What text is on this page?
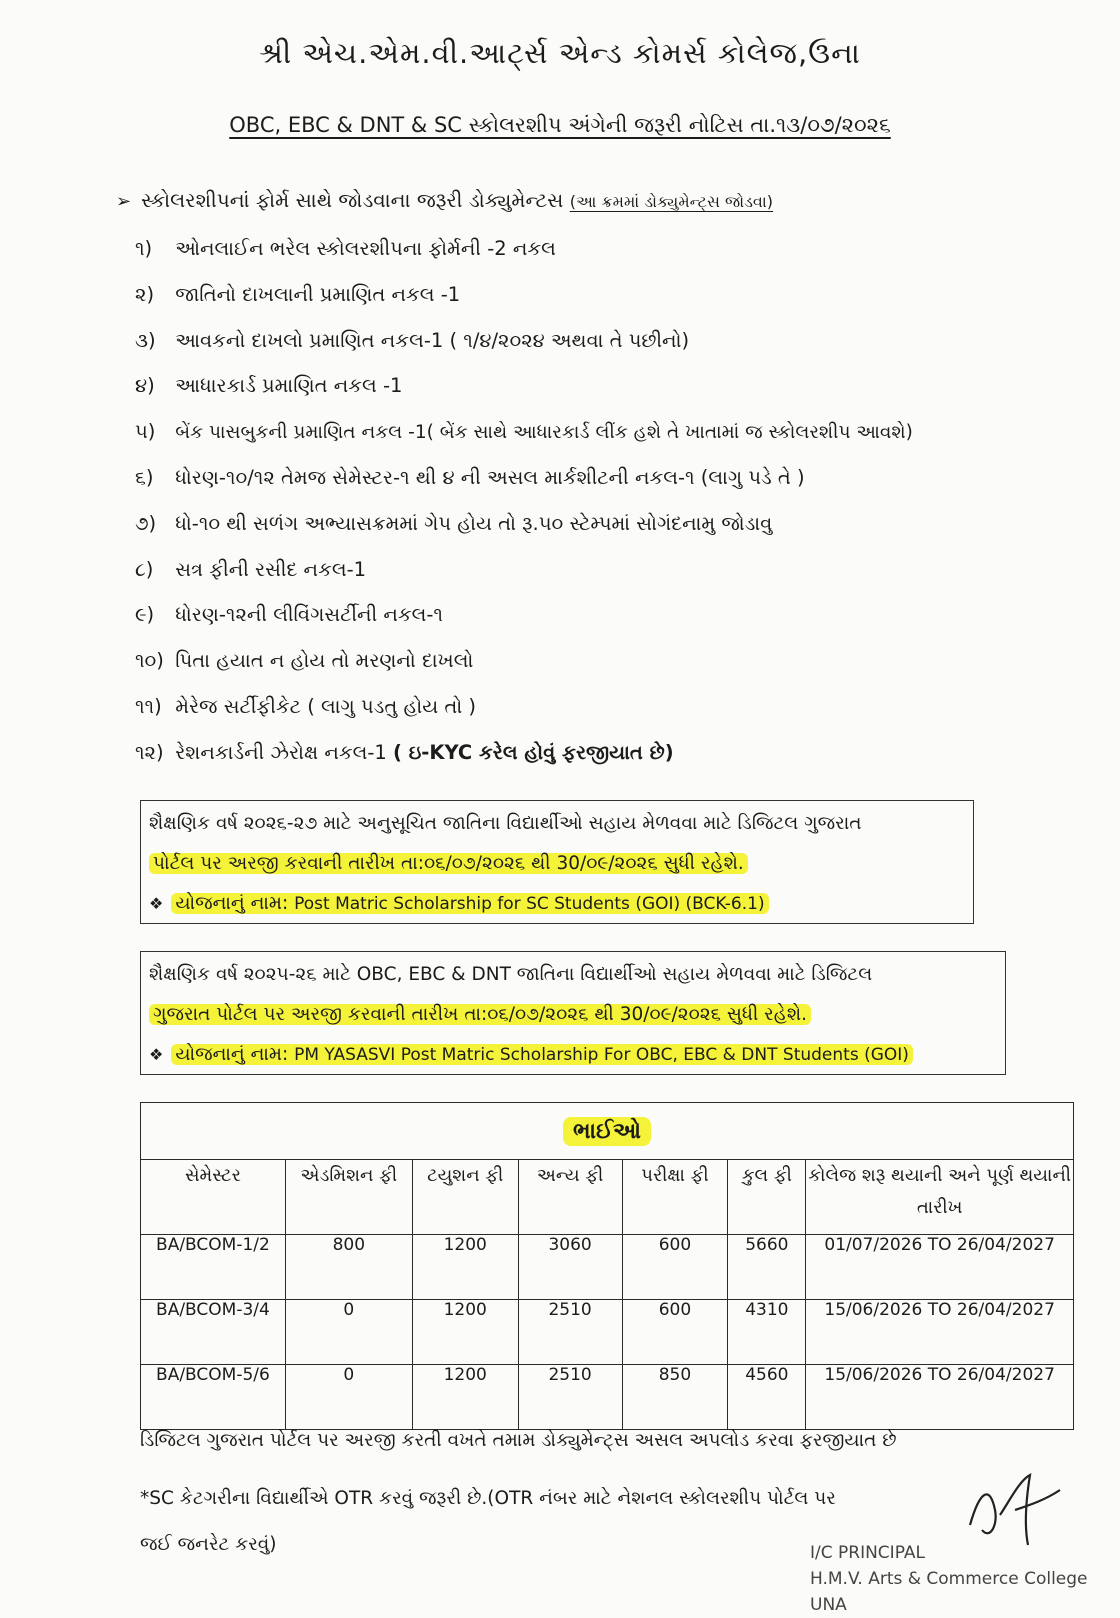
શ્રી એચ.એમ.વી.આર્ટ્સ એન્ડ કોમર્સ કોલેજ,ઉના
OBC, EBC & DNT & SC સ્કોલરશીપ અંગેની જરૂરી નોટિસ તા.૧૩/૦૭/૨૦૨૬
➢ સ્કોલરશીપનાં ફોર્મ સાથે જોડવાના જરૂરી ડોક્યુમેન્ટસ (આ ક્રમમાં ડોક્યુમેન્ટ્સ જોડવા)
૧) ઓનલાઈન ભરેલ સ્કોલરશીપના ફોર્મની -2 નકલ
૨) જાતિનો દાખલાની પ્રમાણિત નકલ -1
૩) આવકનો દાખલો પ્રમાણિત નકલ-1 ( ૧/૪/૨૦૨૪ અથવા તે પછીનો)
૪) આધારકાર્ડ પ્રમાણિત નકલ -1
૫) બેંક પાસબુકની પ્રમાણિત નકલ -1( બેંક સાથે આધારકાર્ડ લીંક હશે તે ખાતામાં જ સ્કોલરશીપ આવશે)
૬) ધોરણ-૧૦/૧૨ તેમજ સેમેસ્ટર-૧ થી ૪ ની અસલ માર્કશીટની નકલ-૧ (લાગુ પડે તે )
૭) ધો-૧૦ થી સળંગ અભ્યાસક્રમમાં ગેપ હોય તો રૂ.૫૦ સ્ટેમ્પમાં સોગંદનામુ જોડાવુ
૮) સત્ર ફીની રસીદ નકલ-1
૯) ધોરણ-૧૨ની લીવિંગસર્ટીની નકલ-૧
૧૦) પિતા હયાત ન હોય તો મરણનો દાખલો
૧૧) મેરેજ સર્ટીફીકેટ ( લાગુ પડતુ હોય તો )
૧૨) રેશનકાર્ડની ઝેરોક્ષ નકલ-1 ( ઇ-KYC કરેલ હોવું ફરજીયાત છે)
શૈક્ષણિક વર્ષ ૨૦૨૬-૨૭ માટે અનુસૂચિત જાતિના વિદ્યાર્થીઓ સહાય મેળવવા માટે ડિજિટલ ગુજરાત
પોર્ટલ પર અરજી કરવાની તારીખ તા:૦૬/૦૭/૨૦૨૬ થી 30/૦૯/૨૦૨૬ સુધી રહેશે.
❖ યોજનાનું નામ: Post Matric Scholarship for SC Students (GOI) (BCK-6.1)
શૈક્ષણિક વર્ષ ૨૦૨૫-૨૬ માટે OBC, EBC & DNT જાતિના વિદ્યાર્થીઓ સહાય મેળવવા માટે ડિજિટલ
ગુજરાત પોર્ટલ પર અરજી કરવાની તારીખ તા:૦૬/૦૭/૨૦૨૬ થી 30/૦૯/૨૦૨૬ સુધી રહેશે.
❖ યોજનાનું નામ: PM YASASVI Post Matric Scholarship For OBC, EBC & DNT Students (GOI)
ભાઈઓ						
સેમેસ્ટર	એડમિશન ફી	ટયુશન ફી	અન્ય ફી	પરીક્ષા ફી	કુલ ફી	કોલેજ શરૂ થયાની અને પૂર્ણ થયાની તારીખ
BA/BCOM-1/2	800	1200	3060	600	5660	01/07/2026 TO 26/04/2027
BA/BCOM-3/4	0	1200	2510	600	4310	15/06/2026 TO 26/04/2027
BA/BCOM-5/6	0	1200	2510	850	4560	15/06/2026 TO 26/04/2027
ડિજિટલ ગુજરાત પોર્ટલ પર અરજી કરતી વખતે તમામ ડોક્યુમેન્ટ્સ અસલ અપલોડ કરવા ફરજીયાત છે
*SC કેટગરીના વિદ્યાર્થીએ OTR કરવું જરૂરી છે.(OTR નંબર માટે નેશનલ સ્કોલરશીપ પોર્ટલ પર
જઈ જનરેટ કરવું)	I/C PRINCIPAL
H.M.V. Arts & Commerce College UNA
